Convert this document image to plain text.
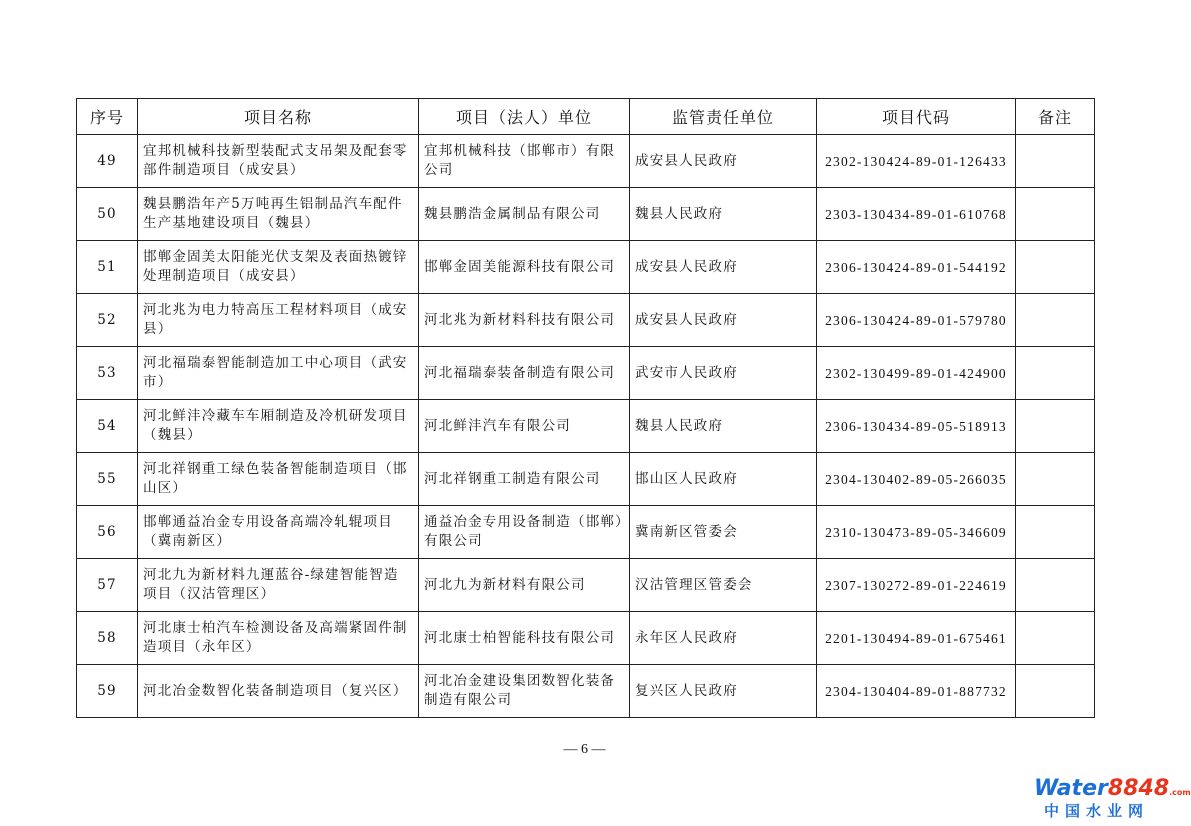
序号	项目名称	项目（法人）单位	监管责任单位	项目代码	备注
49	宜邦机械科技新型装配式支吊架及配套零部件制造项目（成安县）	宜邦机械科技（邯郸市）有限公司	成安县人民政府	2302-130424-89-01-126433	
50	魏县鹏浩年产5万吨再生铝制品汽车配件生产基地建设项目（魏县）	魏县鹏浩金属制品有限公司	魏县人民政府	2303-130434-89-01-610768	
51	邯郸金固美太阳能光伏支架及表面热镀锌处理制造项目（成安县）	邯郸金固美能源科技有限公司	成安县人民政府	2306-130424-89-01-544192	
52	河北兆为电力特高压工程材料项目（成安县）	河北兆为新材料科技有限公司	成安县人民政府	2306-130424-89-01-579780	
53	河北福瑞泰智能制造加工中心项目（武安市）	河北福瑞泰装备制造有限公司	武安市人民政府	2302-130499-89-01-424900	
54	河北鲜沣冷藏车车厢制造及冷机研发项目（魏县）	河北鲜沣汽车有限公司	魏县人民政府	2306-130434-89-05-518913	
55	河北祥钢重工绿色装备智能制造项目（邯山区）	河北祥钢重工制造有限公司	邯山区人民政府	2304-130402-89-05-266035	
56	邯郸通益冶金专用设备高端冷轧辊项目（冀南新区）	通益冶金专用设备制造（邯郸）有限公司	冀南新区管委会	2310-130473-89-05-346609	
57	河北九为新材料九運蓝谷-绿建智能智造项目（汉沽管理区）	河北九为新材料有限公司	汉沽管理区管委会	2307-130272-89-01-224619	
58	河北康士柏汽车检测设备及高端紧固件制造项目（永年区）	河北康士柏智能科技有限公司	永年区人民政府	2201-130494-89-01-675461	
59	河北冶金数智化装备制造项目（复兴区）	河北冶金建设集团数智化装备制造有限公司	复兴区人民政府	2304-130404-89-01-887732	
— 6 —
Water8848.com
中国水业网
